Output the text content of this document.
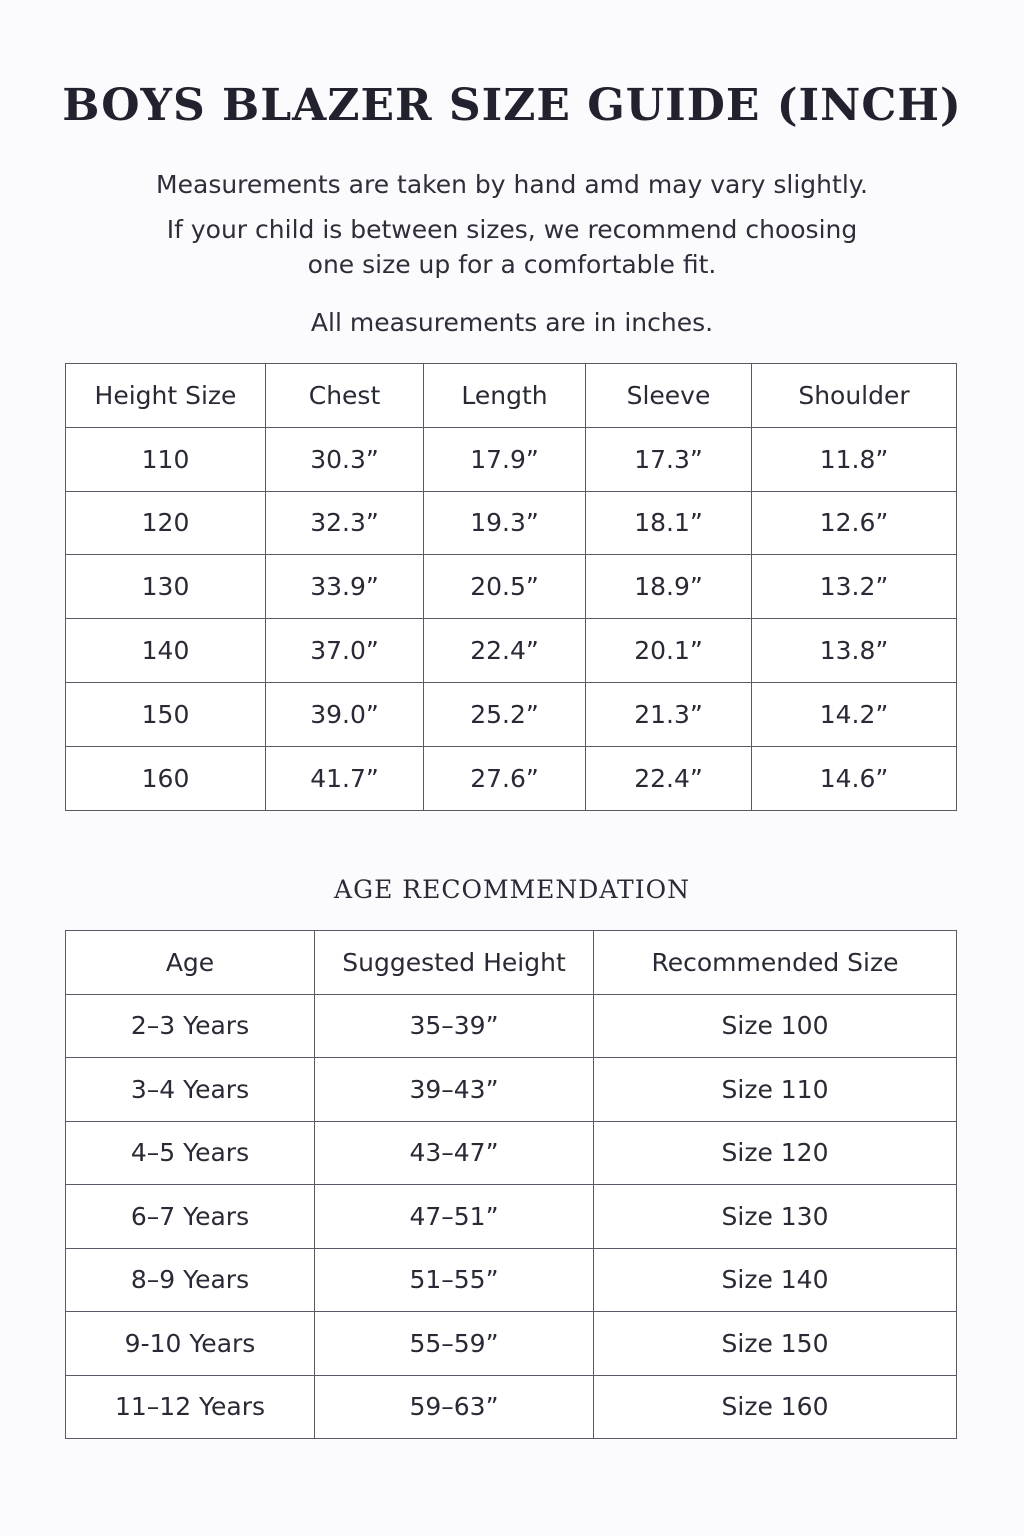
BOYS BLAZER SIZE GUIDE (INCH)
Measurements are taken by hand amd may vary slightly.
If your child is between sizes, we recommend choosing
one size up for a comfortable fit.
All measurements are in inches.
Height Size	Chest	Length	Sleeve	Shoulder
110	30.3”	17.9”	17.3”	11.8”
120	32.3”	19.3”	18.1”	12.6”
130	33.9”	20.5”	18.9”	13.2”
140	37.0”	22.4”	20.1”	13.8”
150	39.0”	25.2”	21.3”	14.2”
160	41.7”	27.6”	22.4”	14.6”
AGE RECOMMENDATION
Age	Suggested Height	Recommended Size
2–3 Years	35–39”	Size 100
3–4 Years	39–43”	Size 110
4–5 Years	43–47”	Size 120
6–7 Years	47–51”	Size 130
8–9 Years	51–55”	Size 140
9-10 Years	55–59”	Size 150
11–12 Years	59–63”	Size 160
